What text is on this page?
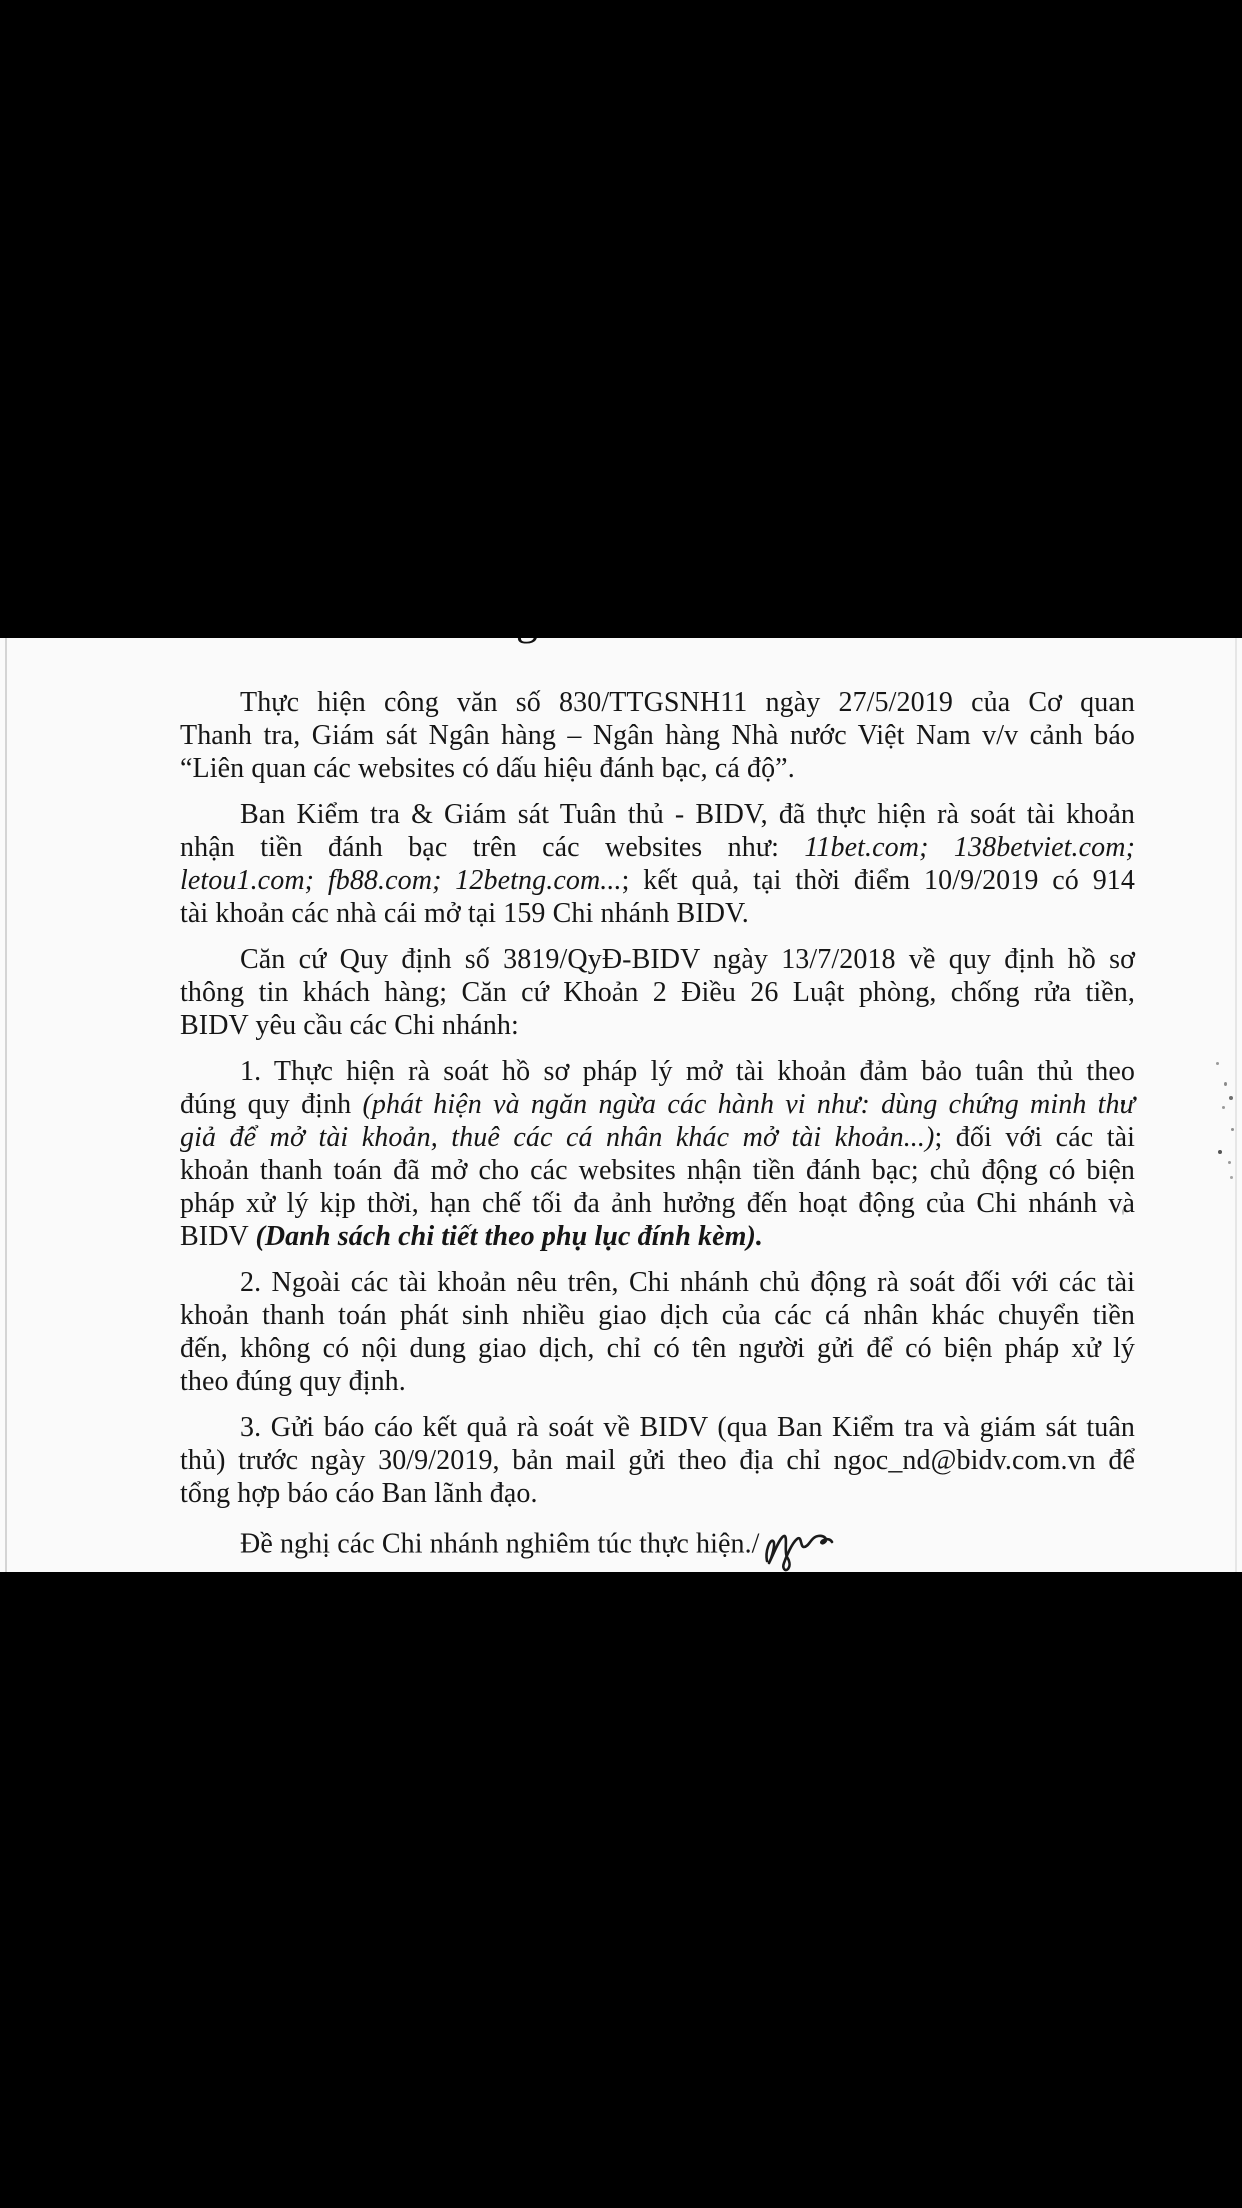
Thực hiện công văn số 830/TTGSNH11 ngày 27/5/2019 của Cơ quan
Thanh tra, Giám sát Ngân hàng – Ngân hàng Nhà nước Việt Nam v/v cảnh báo
“Liên quan các websites có dấu hiệu đánh bạc, cá độ”.
Ban Kiểm tra & Giám sát Tuân thủ - BIDV, đã thực hiện rà soát tài khoản
nhận tiền đánh bạc trên các websites như: 11bet.com; 138betviet.com;
letou1.com; fb88.com; 12betng.com...; kết quả, tại thời điểm 10/9/2019 có 914
tài khoản các nhà cái mở tại 159 Chi nhánh BIDV.
Căn cứ Quy định số 3819/QyĐ-BIDV ngày 13/7/2018 về quy định hồ sơ
thông tin khách hàng; Căn cứ Khoản 2 Điều 26 Luật phòng, chống rửa tiền,
BIDV yêu cầu các Chi nhánh:
1. Thực hiện rà soát hồ sơ pháp lý mở tài khoản đảm bảo tuân thủ theo
đúng quy định (phát hiện và ngăn ngừa các hành vi như: dùng chứng minh thư
giả để mở tài khoản, thuê các cá nhân khác mở tài khoản...); đối với các tài
khoản thanh toán đã mở cho các websites nhận tiền đánh bạc; chủ động có biện
pháp xử lý kịp thời, hạn chế tối đa ảnh hưởng đến hoạt động của Chi nhánh và
BIDV (Danh sách chi tiết theo phụ lục đính kèm).
2. Ngoài các tài khoản nêu trên, Chi nhánh chủ động rà soát đối với các tài
khoản thanh toán phát sinh nhiều giao dịch của các cá nhân khác chuyển tiền
đến, không có nội dung giao dịch, chỉ có tên người gửi để có biện pháp xử lý
theo đúng quy định.
3. Gửi báo cáo kết quả rà soát về BIDV (qua Ban Kiểm tra và giám sát tuân
thủ) trước ngày 30/9/2019, bản mail gửi theo địa chỉ ngoc_nd@bidv.com.vn để
tổng hợp báo cáo Ban lãnh đạo.
Đề nghị các Chi nhánh nghiêm túc thực hiện./
